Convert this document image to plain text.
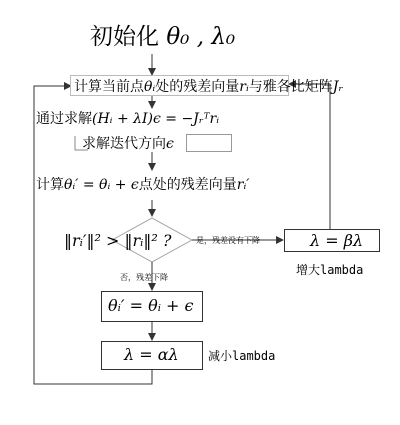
初始化 θ₀ , λ₀
计算当前点θᵢ处的残差向量rᵢ与雅各比矩阵Jᵣ
通过求解(Hᵢ + λI)ϵ = −Jᵣᵀrᵢ
求解迭代方向ϵ
计算θᵢ′ = θᵢ + ϵ点处的残差向量rᵢ′
‖rᵢ′‖² > ‖rᵢ‖² ?	是，残差没有下降	λ = βλ
增大lambda
否，残差下降
θᵢ′ = θᵢ + ϵ
λ = αλ 减小lambda
